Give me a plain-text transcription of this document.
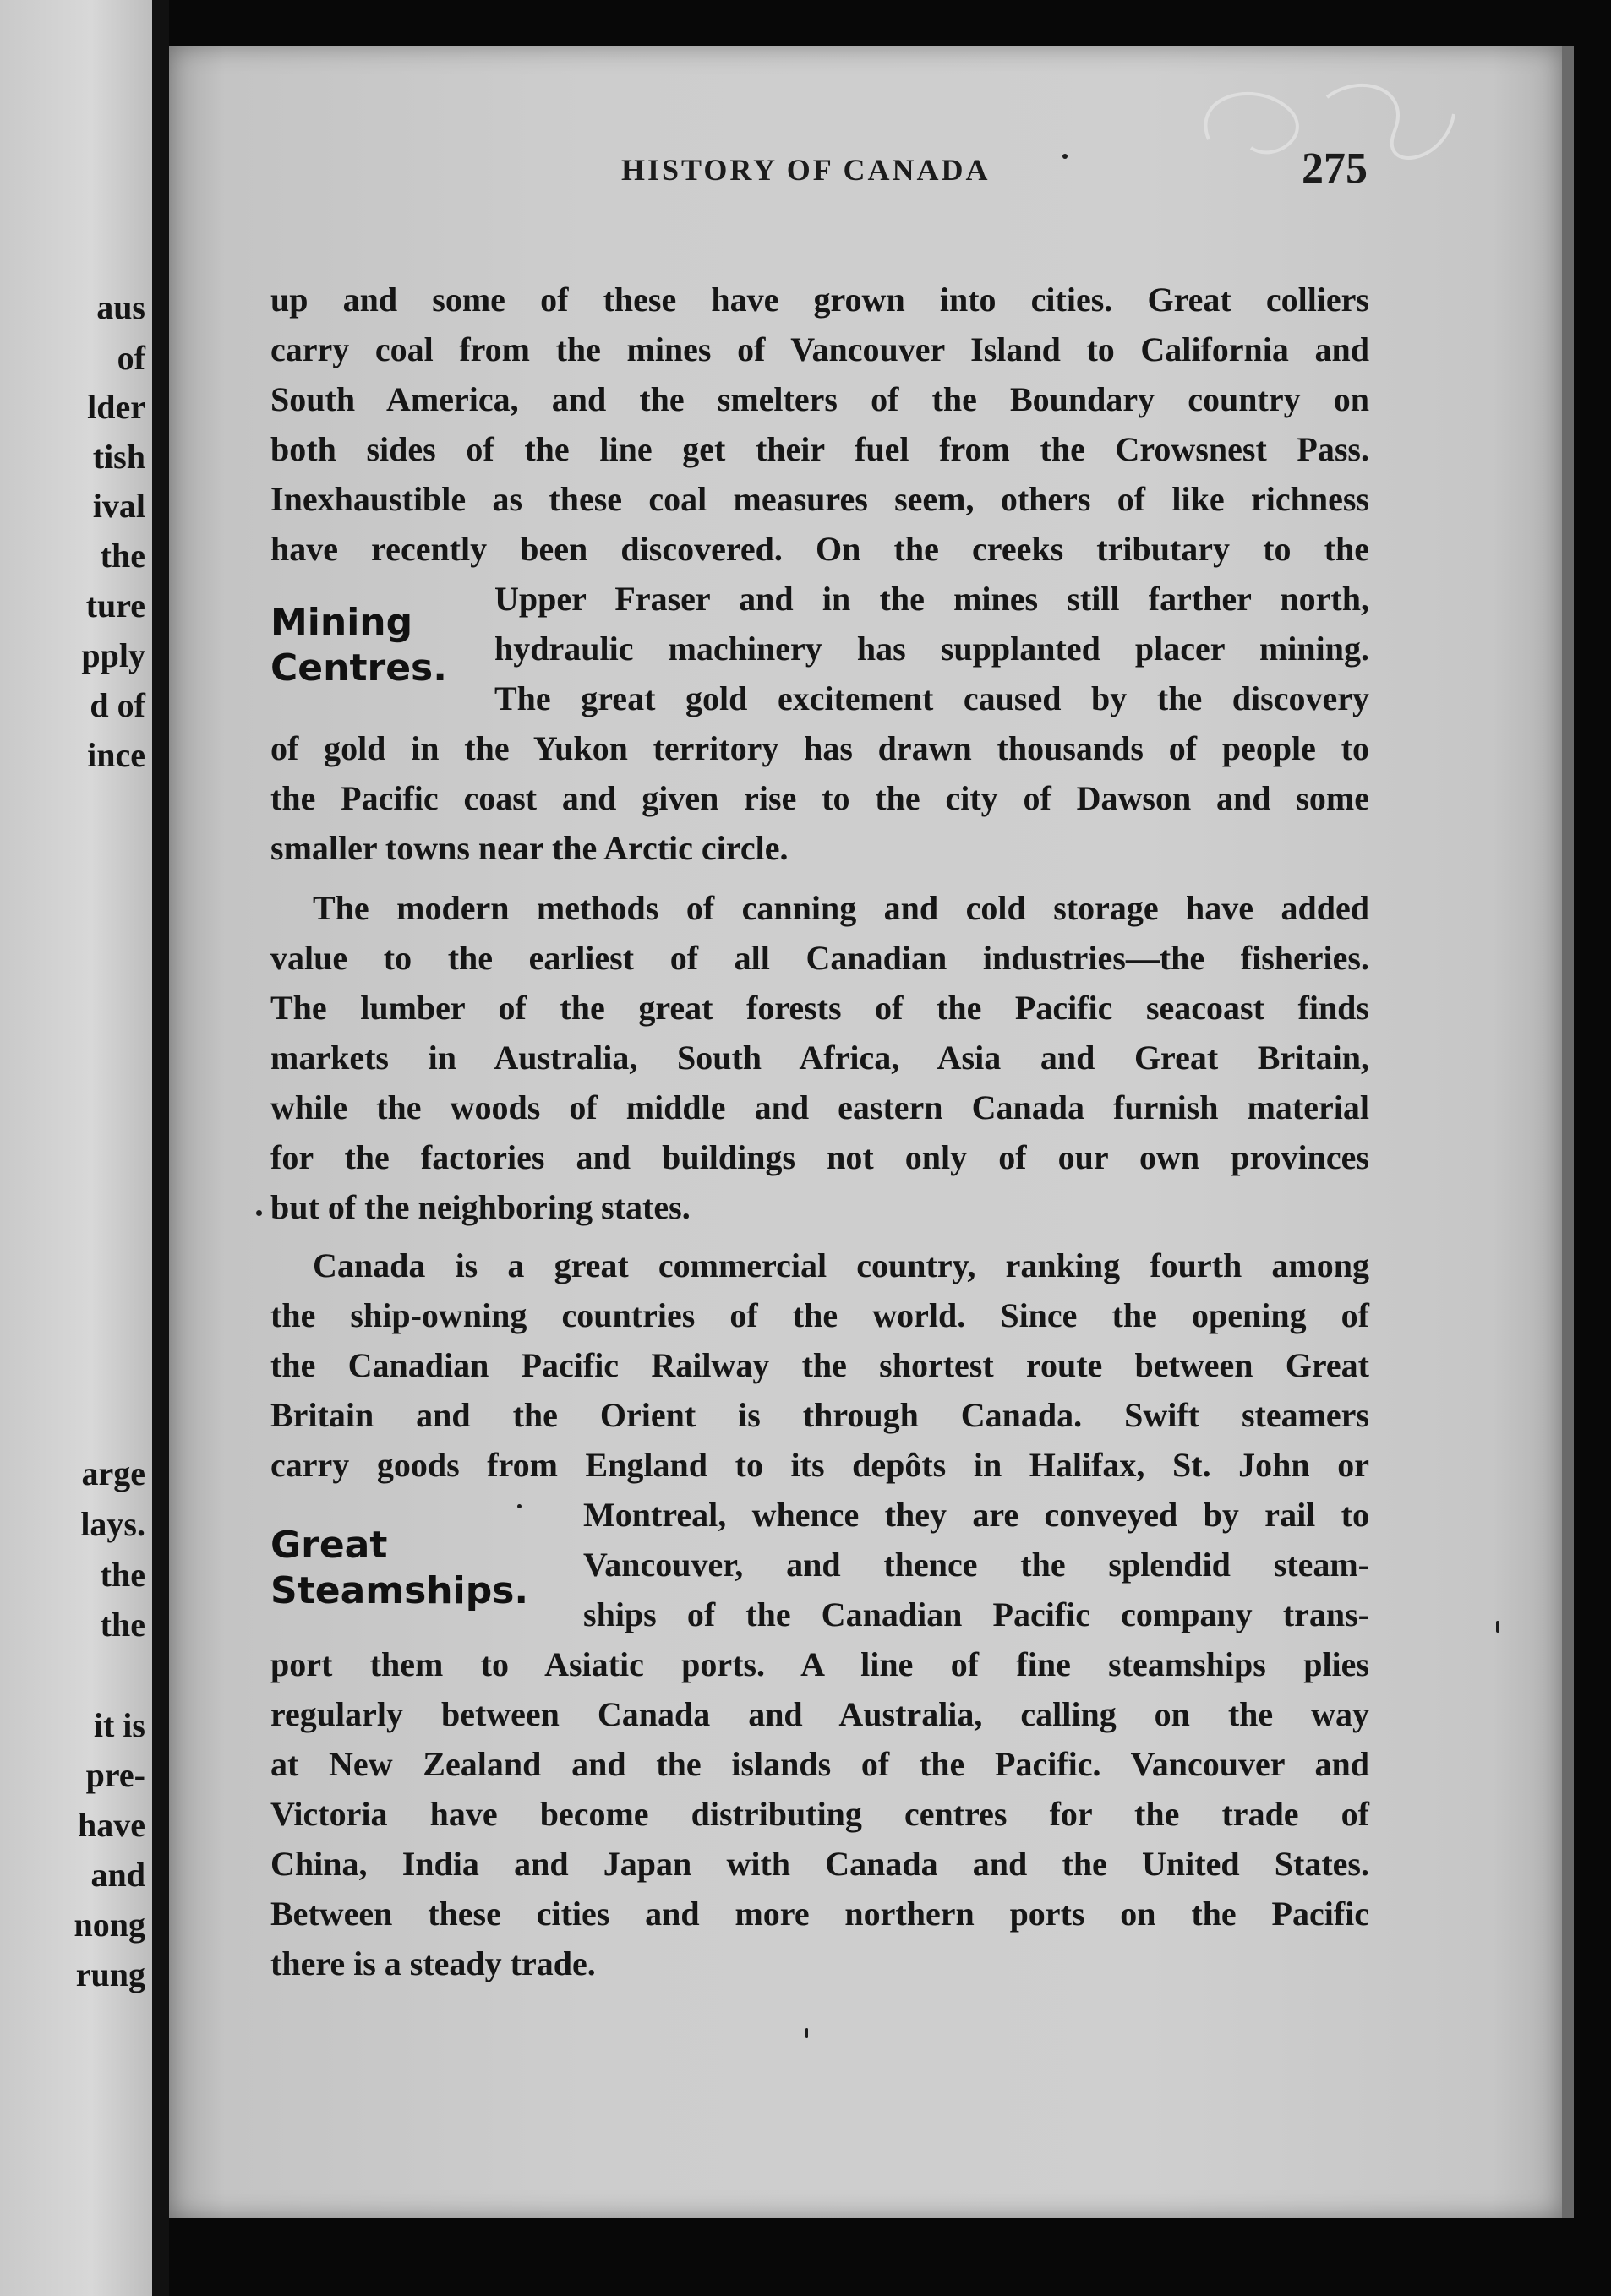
aus
of
lder
tish
ival
the
ture
pply
d of
ince
arge
lays.
the
the
it is
pre-
have
and
nong
rung
HISTORY OF CANADA	275
Mining
Centres.
Great
Steamships.

up and some of these have grown into cities. Great colliers

carry coal from the mines of Vancouver Island to California and

South America, and the smelters of the Boundary country on

both sides of the line get their fuel from the Crowsnest Pass.

Inexhaustible as these coal measures seem, others of like richness

have recently been discovered. On the creeks tributary to the

Upper Fraser and in the mines still farther north,

hydraulic machinery has supplanted placer mining.

The great gold excitement caused by the discovery

of gold in the Yukon territory has drawn thousands of people to

the Pacific coast and given rise to the city of Dawson and some

smaller towns near the Arctic circle.

The modern methods of canning and cold storage have added

value to the earliest of all Canadian industries—the fisheries.

The lumber of the great forests of the Pacific seacoast finds

markets in Australia, South Africa, Asia and Great Britain,

while the woods of middle and eastern Canada furnish material

for the factories and buildings not only of our own provinces

but of the neighboring states.

Canada is a great commercial country, ranking fourth among

the ship-owning countries of the world. Since the opening of

the Canadian Pacific Railway the shortest route between Great

Britain and the Orient is through Canada. Swift steamers

carry goods from England to its depôts in Halifax, St. John or

Montreal, whence they are conveyed by rail to

Vancouver, and thence the splendid steam-

ships of the Canadian Pacific company trans-

port them to Asiatic ports. A line of fine steamships plies

regularly between Canada and Australia, calling on the way

at New Zealand and the islands of the Pacific. Vancouver and

Victoria have become distributing centres for the trade of

China, India and Japan with Canada and the United States.

Between these cities and more northern ports on the Pacific

there is a steady trade.
